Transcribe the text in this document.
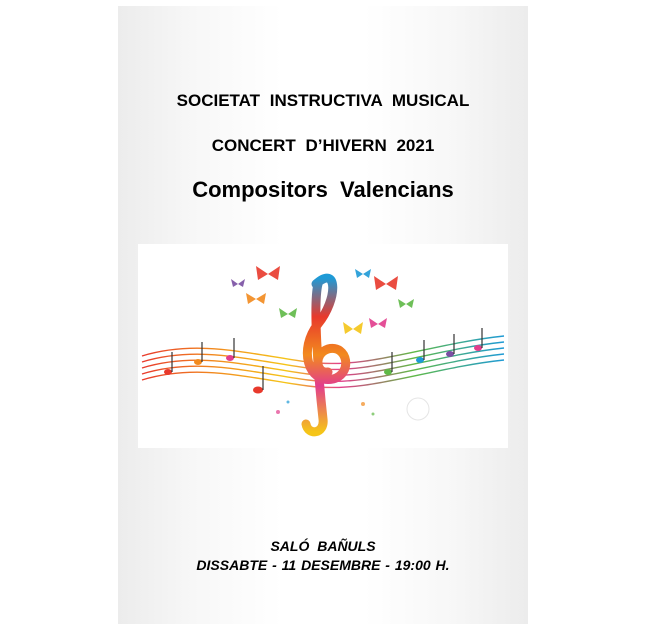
SOCIETAT INSTRUCTIVA MUSICAL
CONCERT D’HIVERN 2021
Compositors Valencians
SALÓ BAÑULS
DISSABTE - 11 DESEMBRE - 19:00 H.
